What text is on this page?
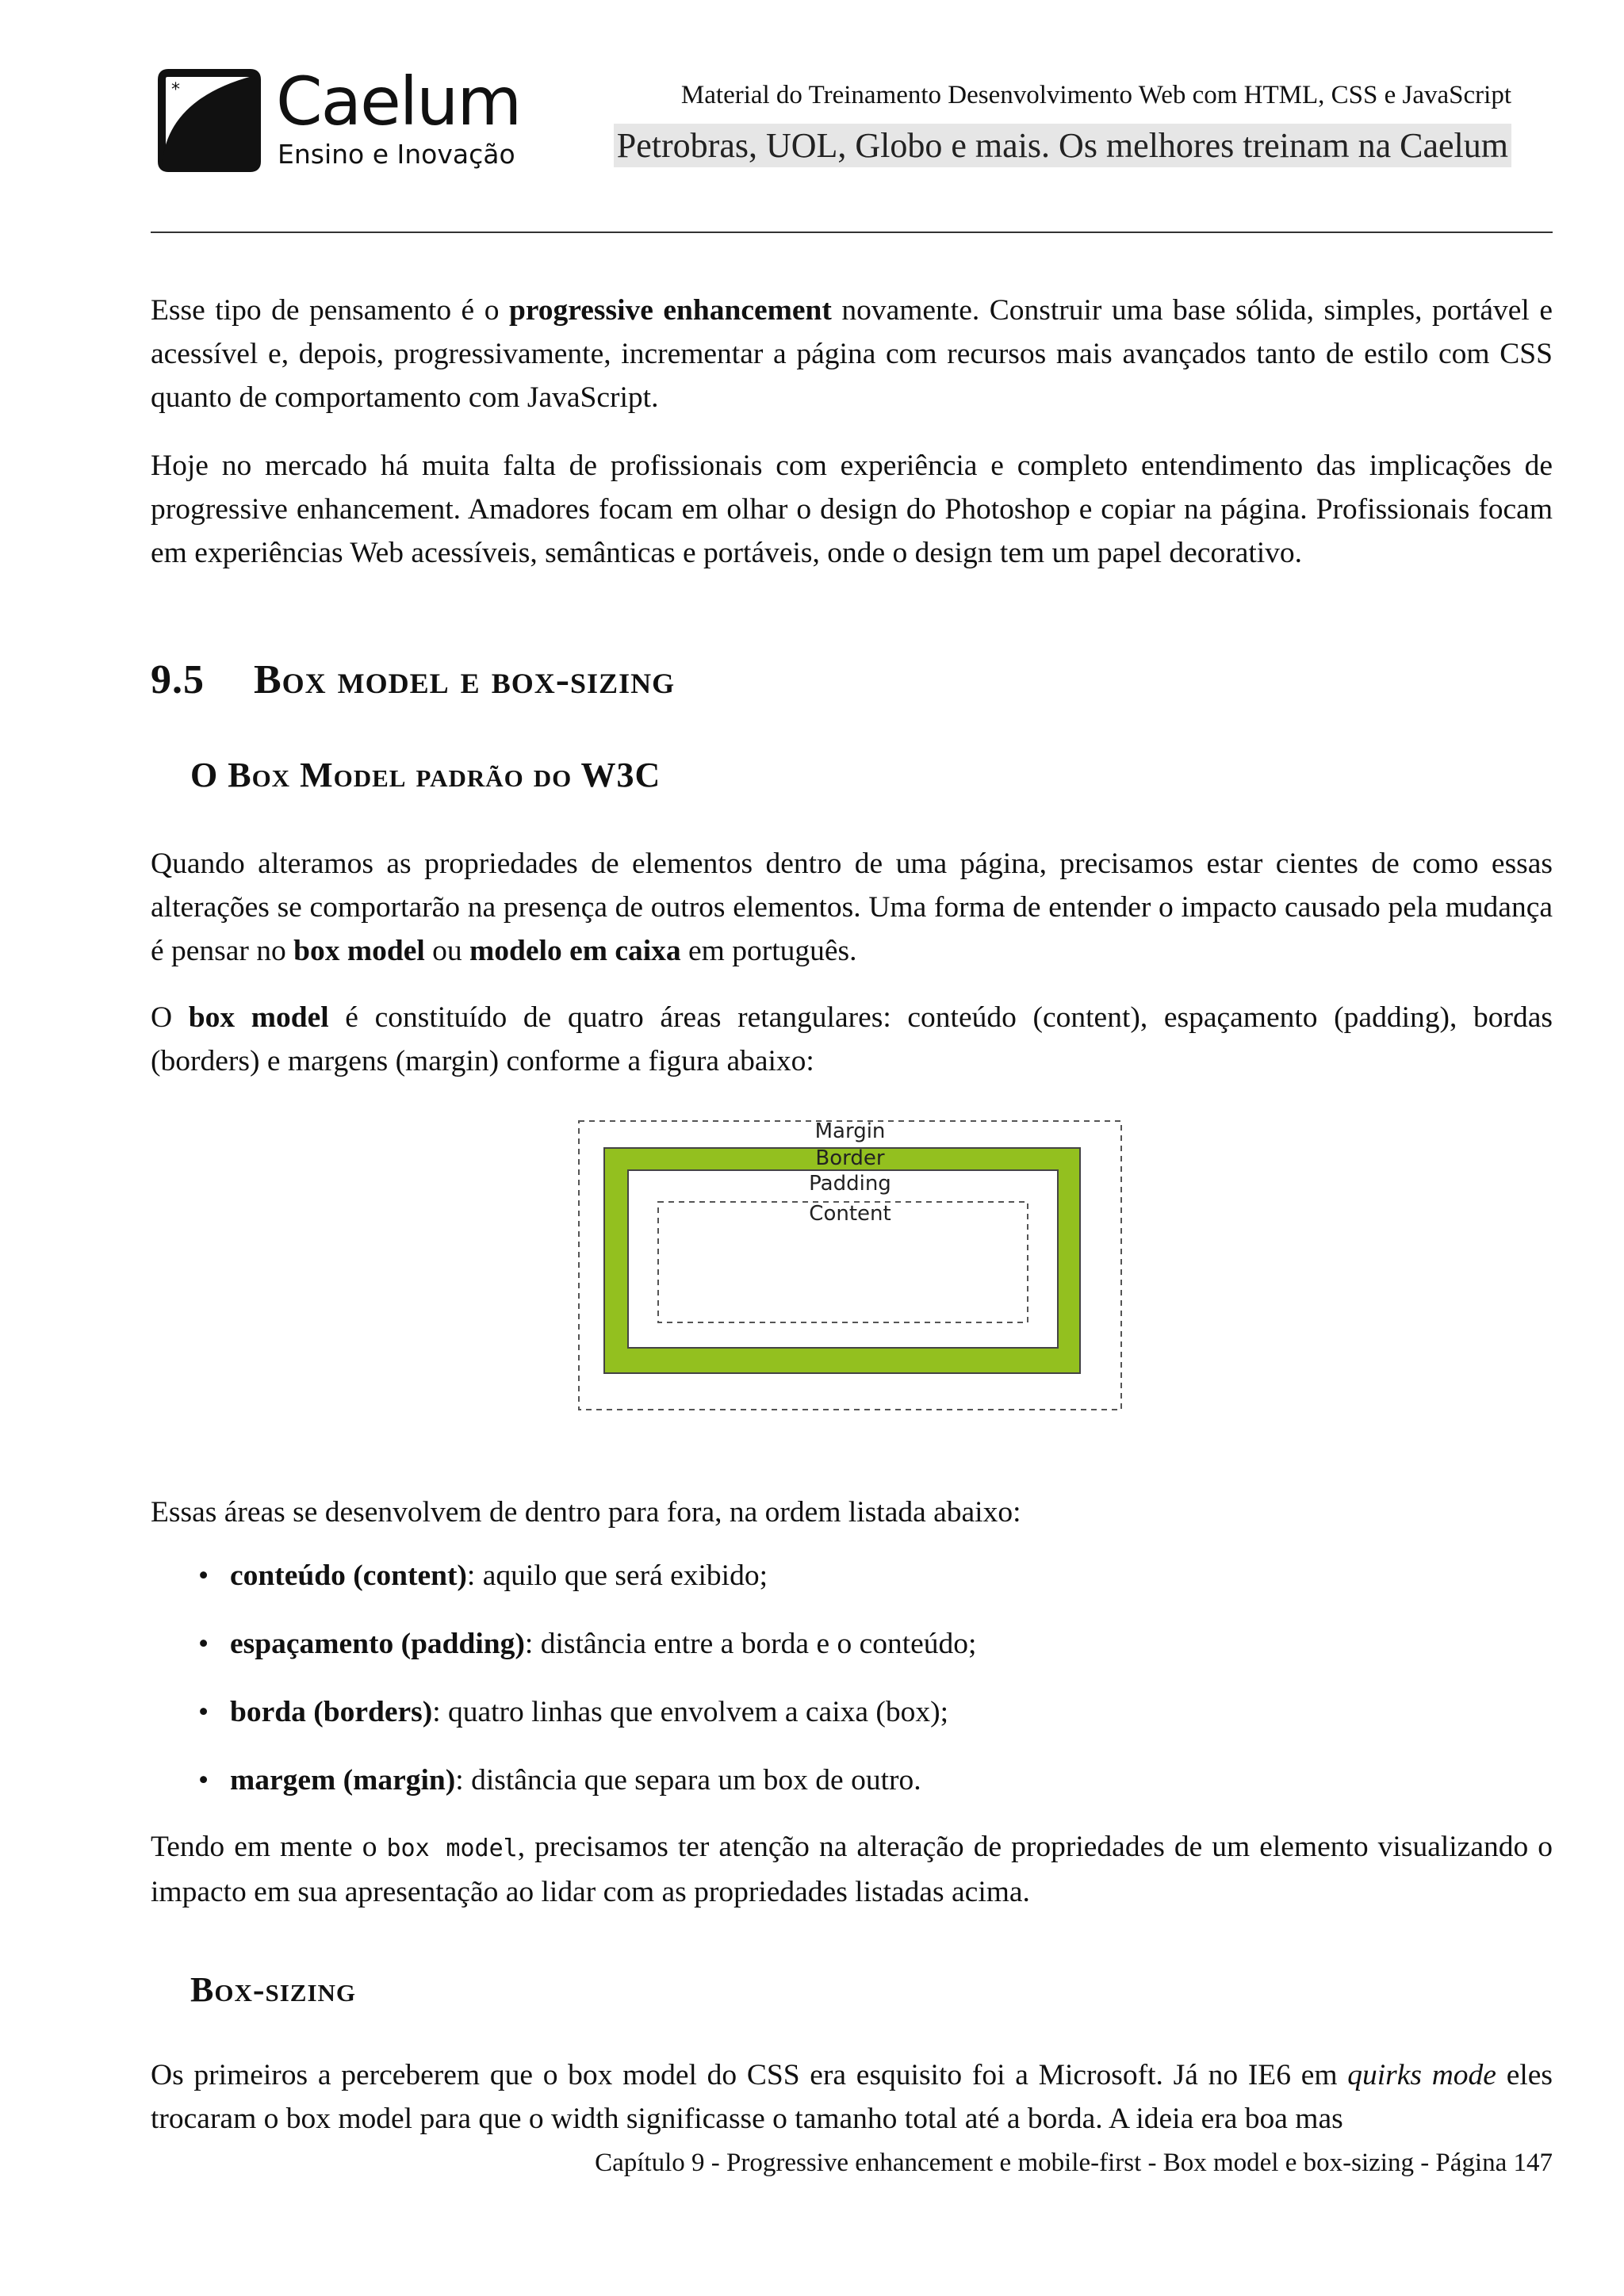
* Caelum
Ensino e Inovação
Material do Treinamento Desenvolvimento Web com HTML, CSS e JavaScript
Petrobras, UOL, Globo e mais. Os melhores treinam na Caelum

Esse tipo de pensamento é o progressive enhancement novamente. Construir uma base sólida, simples, portável e acessível e, depois, progressivamente, incrementar a página com recursos mais avançados tanto de estilo com CSS quanto de comportamento com JavaScript.

Hoje no mercado há muita falta de profissionais com experiência e completo entendimento das implicações de progressive enhancement. Amadores focam em olhar o design do Photoshop e copiar na página. Profissionais focam em experiências Web acessíveis, semânticas e portáveis, onde o design tem um papel decorativo.

9.5 Box model e box-sizing
O Box Model padrão do W3C

Quando alteramos as propriedades de elementos dentro de uma página, precisamos estar cientes de como essas alterações se comportarão na presença de outros elementos. Uma forma de entender o impacto causado pela mudança é pensar no box model ou modelo em caixa em português.

O box model é constituído de quatro áreas retangulares: conteúdo (content), espaçamento (padding), bordas (borders) e margens (margin) conforme a figura abaixo:

Margin
Border
Padding
Content

Essas áreas se desenvolvem de dentro para fora, na ordem listada abaixo:

• conteúdo (content): aquilo que será exibido;
• espaçamento (padding): distância entre a borda e o conteúdo;
• borda (borders): quatro linhas que envolvem a caixa (box);
• margem (margin): distância que separa um box de outro.

Tendo em mente o box model, precisamos ter atenção na alteração de propriedades de um elemento visualizando o impacto em sua apresentação ao lidar com as propriedades listadas acima.

Box-sizing

Os primeiros a perceberem que o box model do CSS era esquisito foi a Microsoft. Já no IE6 em quirks mode eles trocaram o box model para que o width significasse o tamanho total até a borda. A ideia era boa mas

Capítulo 9 - Progressive enhancement e mobile-first - Box model e box-sizing - Página 147
